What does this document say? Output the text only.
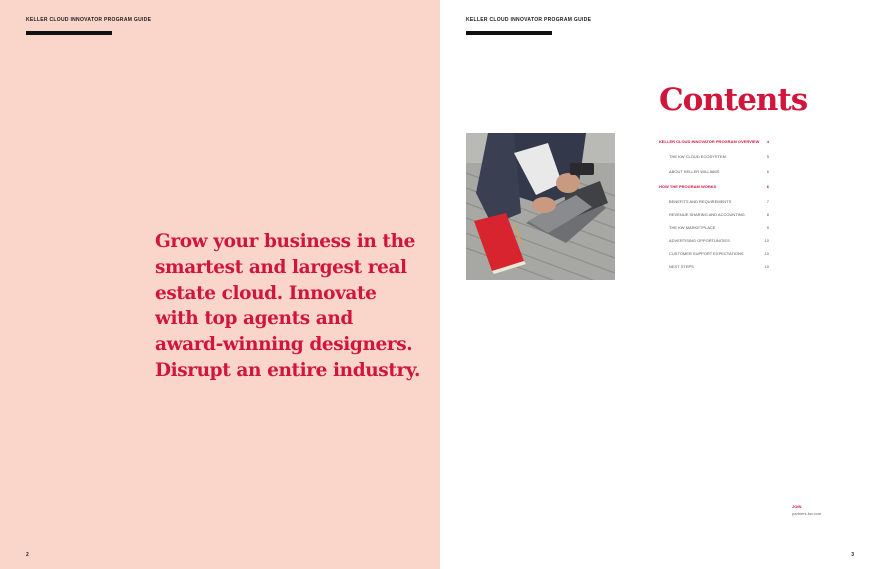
KELLER CLOUD INNOVATOR PROGRAM GUIDE
Grow your business in the smartest and largest real estate cloud. Innovate with top agents and award-winning designers. Disrupt an entire industry.
2
KELLER CLOUD INNOVATOR PROGRAM GUIDE
Contents
KELLER CLOUD INNOVATOR PROGRAM OVERVIEW 4
THE KW CLOUD ECOSYSTEM	5
ABOUT KELLER WILLIAMS	6
HOW THE PROGRAM WORKS	6
BENEFITS AND REQUIREMENTS	7
REVENUE SHARING AND ACCOUNTING	8
THE KW MARKETPLACE	9
ADVERTISING OPPORTUNITIES	10
CUSTOMER SUPPORT EXPECTATIONS	10
NEXT STEPS	10
JOIN
partners.kw.com
3
